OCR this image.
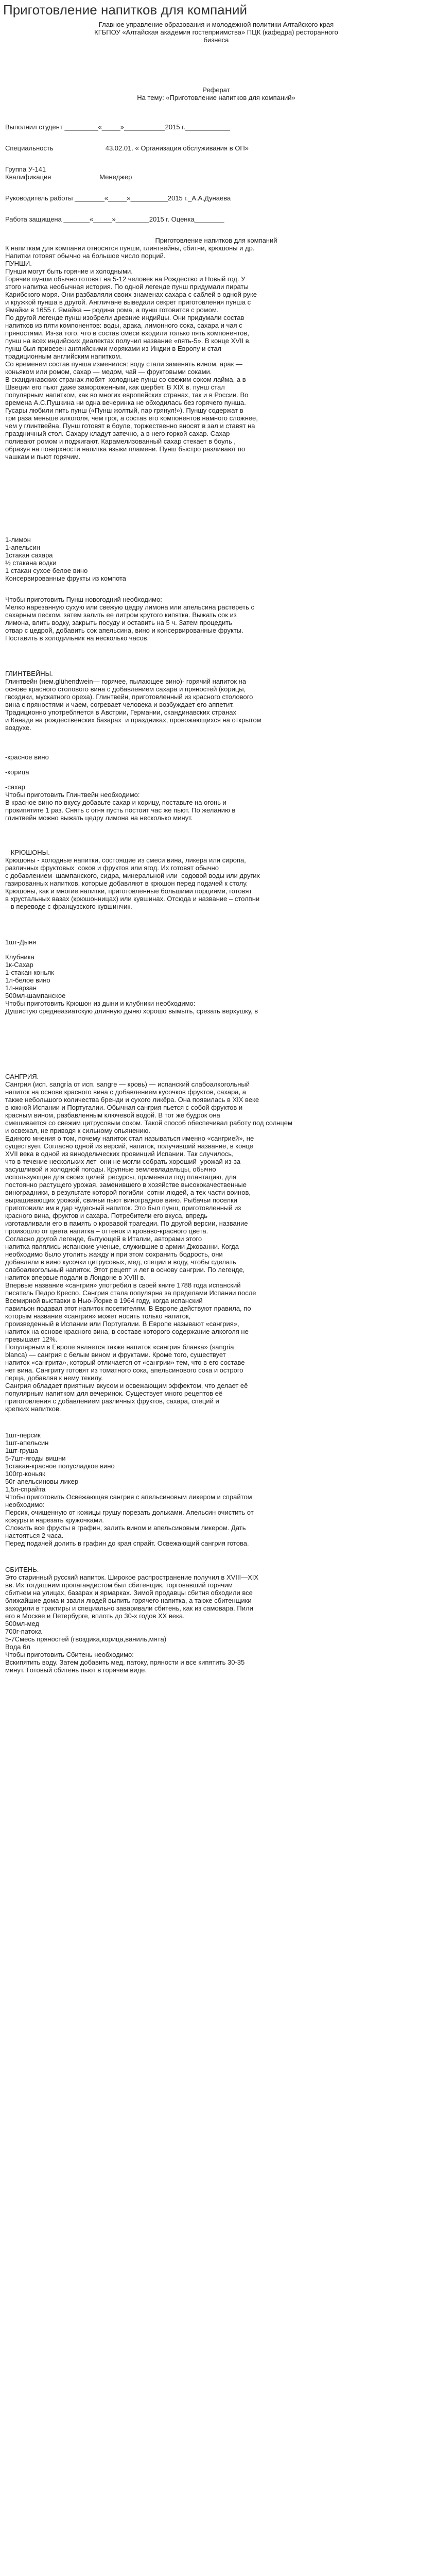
Приготовление напитков для компаний

Главное управление образования и молодежной политики Алтайского края
КГБПОУ «Алтайская академия гостеприимства» ПЦК (кафедра) ресторанного
бизнеса

Реферат

На тему: «Приготовление напитков для компаний»

Выполнил студент _________«_____»___________2015 г.____________

Специальность                            43.02.01. « Организация обслуживания в ОП»

Группа У-141

Квалификация                          Менеджер

Руководитель работы ________«_____»__________2015 г._А.А.Дунаева

Работа защищена _______«_____»_________2015 г. Оценка________

Приготовление напитков для компаний

К напиткам для компании относятся пунши, глинтвейны, сбитни, крюшоны и др.
Напитки готовят обычно на большое число порций.

ПУНШИ.

Пунши могут быть горячие и холодными.

Горячие пунши обычно готовят на 5-12 человек на Рождество и Новый год. У
этого напитка необычная история. По одной легенде пунш придумали пираты
Карибского моря. Они разбавляли своих знаменах сахара с саблей в одной руке
и кружкой пунша в другой. Англичане выведали секрет приготовления пунша с
Ямайки в 1655 г. Ямайка — родина рома, а пунш готовится с ромом.

По другой легенде пунш изобрели древние индийцы. Они придумали состав
напитков из пяти компонентов: воды, арака, лимонного сока, сахара и чая с
пряностями. Из-за того, что в состав смеси входили только пять компонентов,
пунш на всех индийских диалектах получил название «пять-5». В конце XVII в.
пунш был привезен английскими моряками из Индии в Европу и стал
традиционным английским напитком.

Со временем состав пунша изменился: воду стали заменять вином, арак —
коньяком или ромом, сахар — медом, чай — фруктовыми соками.

В скандинавских странах любят  холодные пунш со свежим соком лайма, а в
Швеции его пьют даже замороженным, как шербет. В XIX в. пунш стал
популярным напитком, как во многих европейских странах, так и в России. Во
времена А.С.Пушкина ни одна вечеринка не обходилась без горячего пунша.
Гусары любили пить пунш («Пунш жолтый, пар грянул!»). Пуншу содержат в
три раза меньше алкоголя, чем грог, а состав его компонентов намного сложнее,
чем у глинтвейна. Пунш готовят в боуле, торжественно вносят в зал и ставят на
праздничный стол. Сахару кладут затечно, а в него горкой сахар. Сахар
поливают ромом и поджигают. Карамелизованный сахар стекает в боуль ,
образуя на поверхности напитка языки пламени. Пунш быстро разливают по
чашкам и пьют горячим.

1-лимон
1-апельсин
1стакан сахара
½ стакана водки
1 стакан сухое белое вино
Консервированные фрукты из компота

Чтобы приготовить Пунш новогодний необходимо:

Мелко нарезанную сухую или свежую цедру лимона или апельсина растереть с
сахарным песком, затем залить ее литром крутого кипятка. Выжать сок из
лимона, влить водку, закрыть посуду и оставить на 5 ч. Затем процедить
отвар с цедрой, добавить сок апельсина, вино и консервированные фрукты.
Поставить в холодильник на несколько часов.

ГЛИНТВЕЙНЫ.

Глинтвейн (нем.glühendwein— горячее, пылающее вино)- горячий напиток на
основе красного столового вина с добавлением сахара и пряностей (корицы,
гвоздики, мускатного ореха). Глинтвейн, приготовленный из красного столового
вина с пряностями и чаем, согревает человека и возбуждает его аппетит.

Традиционно употребляется в Австрии, Германии, скандинавских странах
и Канаде на рождественских базарах  и праздниках, провожающихся на открытом
воздухе.

-красное вино

-корица

-сахар

Чтобы приготовить Глинтвейн необходимо:

В красное вино по вкусу добавьте сахар и корицу, поставьте на огонь и
прокипятите 1 раз. Снять с огня пусть постоит час же пьют. По желанию в
глинтвейн можно выжать цедру лимона на несколько минут.

КРЮШОНЫ.

Крюшоны - холодные напитки, состоящие из смеси вина, ликера или сиропа,
различных фруктовых  соков и фруктов или ягод. Их готовят обычно
с добавлением  шампанского, сидра, минеральной или  содовой воды или других
газированных напитков, которые добавляют в крюшон перед подачей к столу.

Крюшоны, как и многие напитки, приготовленные большими порциями, готовят
в хрустальных вазах (крюшонницах) или кувшинах. Отсюда и название – столпни
– в переводе с французского кувшинчик.

1шт-Дыня

Клубника

1к-Сахар

1-стакан коньяк

1л-белое вино

1л-нарзан

500мл-шампанское

Чтобы приготовить Крюшон из дыни и клубники необходимо:

Душистую среднеазиатскую длинную дыню хорошо вымыть, срезать верхушку, в

САНГРИЯ.

Сангрия (исп. sangría от исп. sangre — кровь) — испанский слабоалкогольный
напиток на основе красного вина с добавлением кусочков фруктов, сахара, а
также небольшого количества бренди и сухого ликёра. Она появилась в XIX веке
в южной Испании и Португалии. Обычная сангрия пьется с собой фруктов и
красным вином, разбавленным ключевой водой. В тот же будрок она
смешивается со свежим цитрусовым соком. Такой способ обеспечивал работу под солнцем
и освежал, не приводя к сильному опьянению.

Единого мнения о том, почему напиток стал называться именно «сангрией», не
существует. Согласно одной из версий, напиток, получивший название, в конце
XVII века в одной из винодельческих провинций Испании. Так случилось,
что в течение нескольких лет  они не могли собрать хороший  урожай из-за
засушливой и холодной погоды. Крупные землевладельцы, обычно
использующие для своих целей  ресурсы, применяли под плантацию, для
постоянно растущего урожая, заменившего в хозяйстве высококачественные
виноградники, в результате которой погибли  сотни людей, а тех части воинов,
выращивающих урожай, свиньи пьют виноградное вино. Рыбачьи поселки
приготовили им в дар чудесный напиток. Это был пунш, приготовленный из
красного вина, фруктов и сахара. Потребители его вкуса, впредь
изготавливали его в память о кровавой трагедии. По другой версии, название
произошло от цвета напитка – оттенок и кроваво-красного цвета.

Согласно другой легенде, бытующей в Италии, авторами этого
напитка являлись испанские ученые, служившие в армии Джованни. Когда
необходимо было утолить жажду и при этом сохранить бодрость, они
добавляли в вино кусочки цитрусовых, мед, специи и воду, чтобы сделать
слабоалкогольный напиток. Этот рецепт и лег в основу сангрии. По легенде,
напиток впервые подали в Лондоне в XVIII в.

Впервые название «сангрия» употребил в своей книге 1788 года испанский
писатель Педро Креспо. Сангрия стала популярна за пределами Испании после
Всемирной выставки в Нью-Йорке в 1964 году, когда испанский
павильон подавал этот напиток посетителям. В Европе действуют правила, по
которым название «сангрия» может носить только напиток,
произведенный в Испании или Португалии. В Европе называют «сангрия»,
напиток на основе красного вина, в составе которого содержание алкоголя не
превышает 12%.

Популярным в Европе является также напиток «сангрия бланка» (sangria
blanca) — сангрия с белым вином и фруктами. Кроме того, существует
напиток «сангрита», который отличается от «сангрии» тем, что в его составе
нет вина. Сангриту готовят из томатного сока, апельсинового сока и острого
перца, добавляя к нему текилу.

Сангрия обладает приятным вкусом и освежающим эффектом, что делает её
популярным напитком для вечеринок. Существует много рецептов её
приготовления с добавлением различных фруктов, сахара, специй и
крепких напитков.

1шт-персик
1шт-апельсин
1шт-груша
5-7шт-ягоды вишни
1стакан-красное полусладкое вино
100гр-коньяк
50г-апельсиновы ликер
1,5л-спрайта

Чтобы приготовить Освежающая сангрия с апельсиновым ликером и спрайтом
необходимо:

Персик, очищенную от кожицы грушу порезать дольками. Апельсин очистить от
кожуры и нарезать кружочками.

Сложить все фрукты в графин, залить вином и апельсиновым ликером. Дать
настояться 2 часа.

Перед подачей долить в графин до края спрайт. Освежающий сангрия готова.

СБИТЕНЬ.

Это старинный русский напиток. Широкое распространение получил в XVIII—XIX
вв. Их тогдашним пропагандистом был сбитенщик, торговавший горячим
сбитнем на улицах, базарах и ярмарках. Зимой продавцы сбитня обходили все
ближайшие дома и звали людей выпить горячего напитка, а также сбитенщики
заходили в трактиры и специально заваривали сбитень, как из самовара. Пили
его в Москве и Петербурге, вплоть до 30-х годов XX века.

500мл-мед
700г-патока
5-7Смесь пряностей (гвоздика,корица,ваниль,мята)
Вода 6л

Чтобы приготовить Сбитень необходимо:

Вскипятить воду. Затем добавить мед, патоку, пряности и все кипятить 30-35
минут. Готовый сбитень пьют в горячем виде.
